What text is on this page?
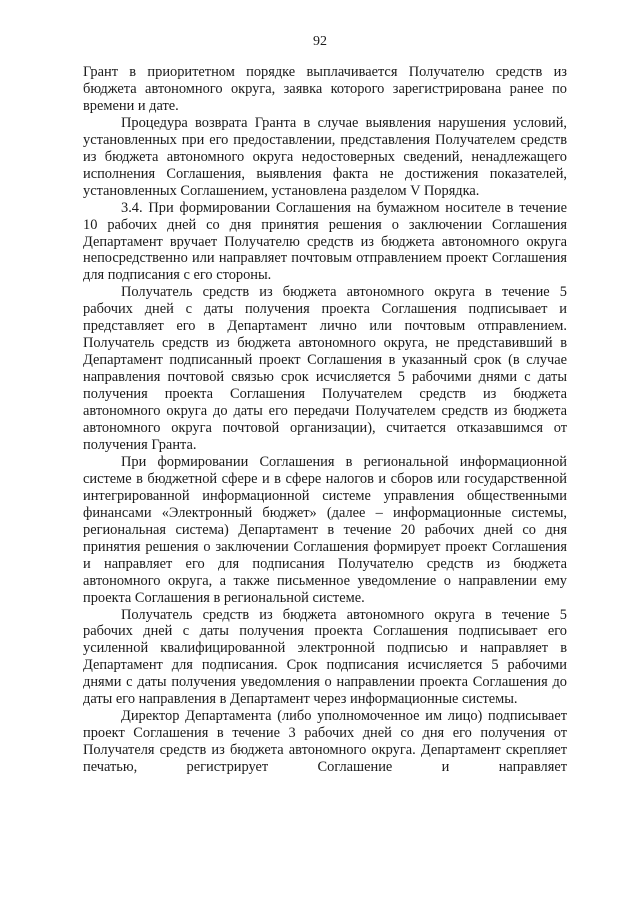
92

Грант в приоритетном порядке выплачивается Получателю средств из бюджета автономного округа, заявка которого зарегистрирована ранее по времени и дате.

Процедура возврата Гранта в случае выявления нарушения условий, установленных при его предоставлении, представления Получателем средств из бюджета автономного округа недостоверных сведений, ненадлежащего исполнения Соглашения, выявления факта не достижения показателей, установленных Соглашением, установлена разделом V Порядка.

3.4. При формировании Соглашения на бумажном носителе в течение 10 рабочих дней со дня принятия решения о заключении Соглашения Департамент вручает Получателю средств из бюджета автономного округа непосредственно или направляет почтовым отправлением проект Соглашения для подписания с его стороны.

Получатель средств из бюджета автономного округа в течение 5 рабочих дней с даты получения проекта Соглашения подписывает и представляет его в Департамент лично или почтовым отправлением. Получатель средств из бюджета автономного округа, не представивший в Департамент подписанный проект Соглашения в указанный срок (в случае направления почтовой связью срок исчисляется 5 рабочими днями с даты получения проекта Соглашения Получателем средств из бюджета автономного округа до даты его передачи Получателем средств из бюджета автономного округа почтовой организации), считается отказавшимся от получения Гранта.

При формировании Соглашения в региональной информационной системе в бюджетной сфере и в сфере налогов и сборов или государственной интегрированной информационной системе управления общественными финансами «Электронный бюджет» (далее – информационные системы, региональная система) Департамент в течение 20 рабочих дней со дня принятия решения о заключении Соглашения формирует проект Соглашения и направляет его для подписания Получателю средств из бюджета автономного округа, а также письменное уведомление о направлении ему проекта Соглашения в региональной системе.

Получатель средств из бюджета автономного округа в течение 5 рабочих дней с даты получения проекта Соглашения подписывает его усиленной квалифицированной электронной подписью и направляет в Департамент для подписания. Срок подписания исчисляется 5 рабочими днями с даты получения уведомления о направлении проекта Соглашения до даты его направления в Департамент через информационные системы.

Директор Департамента (либо уполномоченное им лицо) подписывает проект Соглашения в течение 3 рабочих дней со дня его получения от Получателя средств из бюджета автономного округа. Департамент скрепляет печатью, регистрирует Соглашение и направляет
